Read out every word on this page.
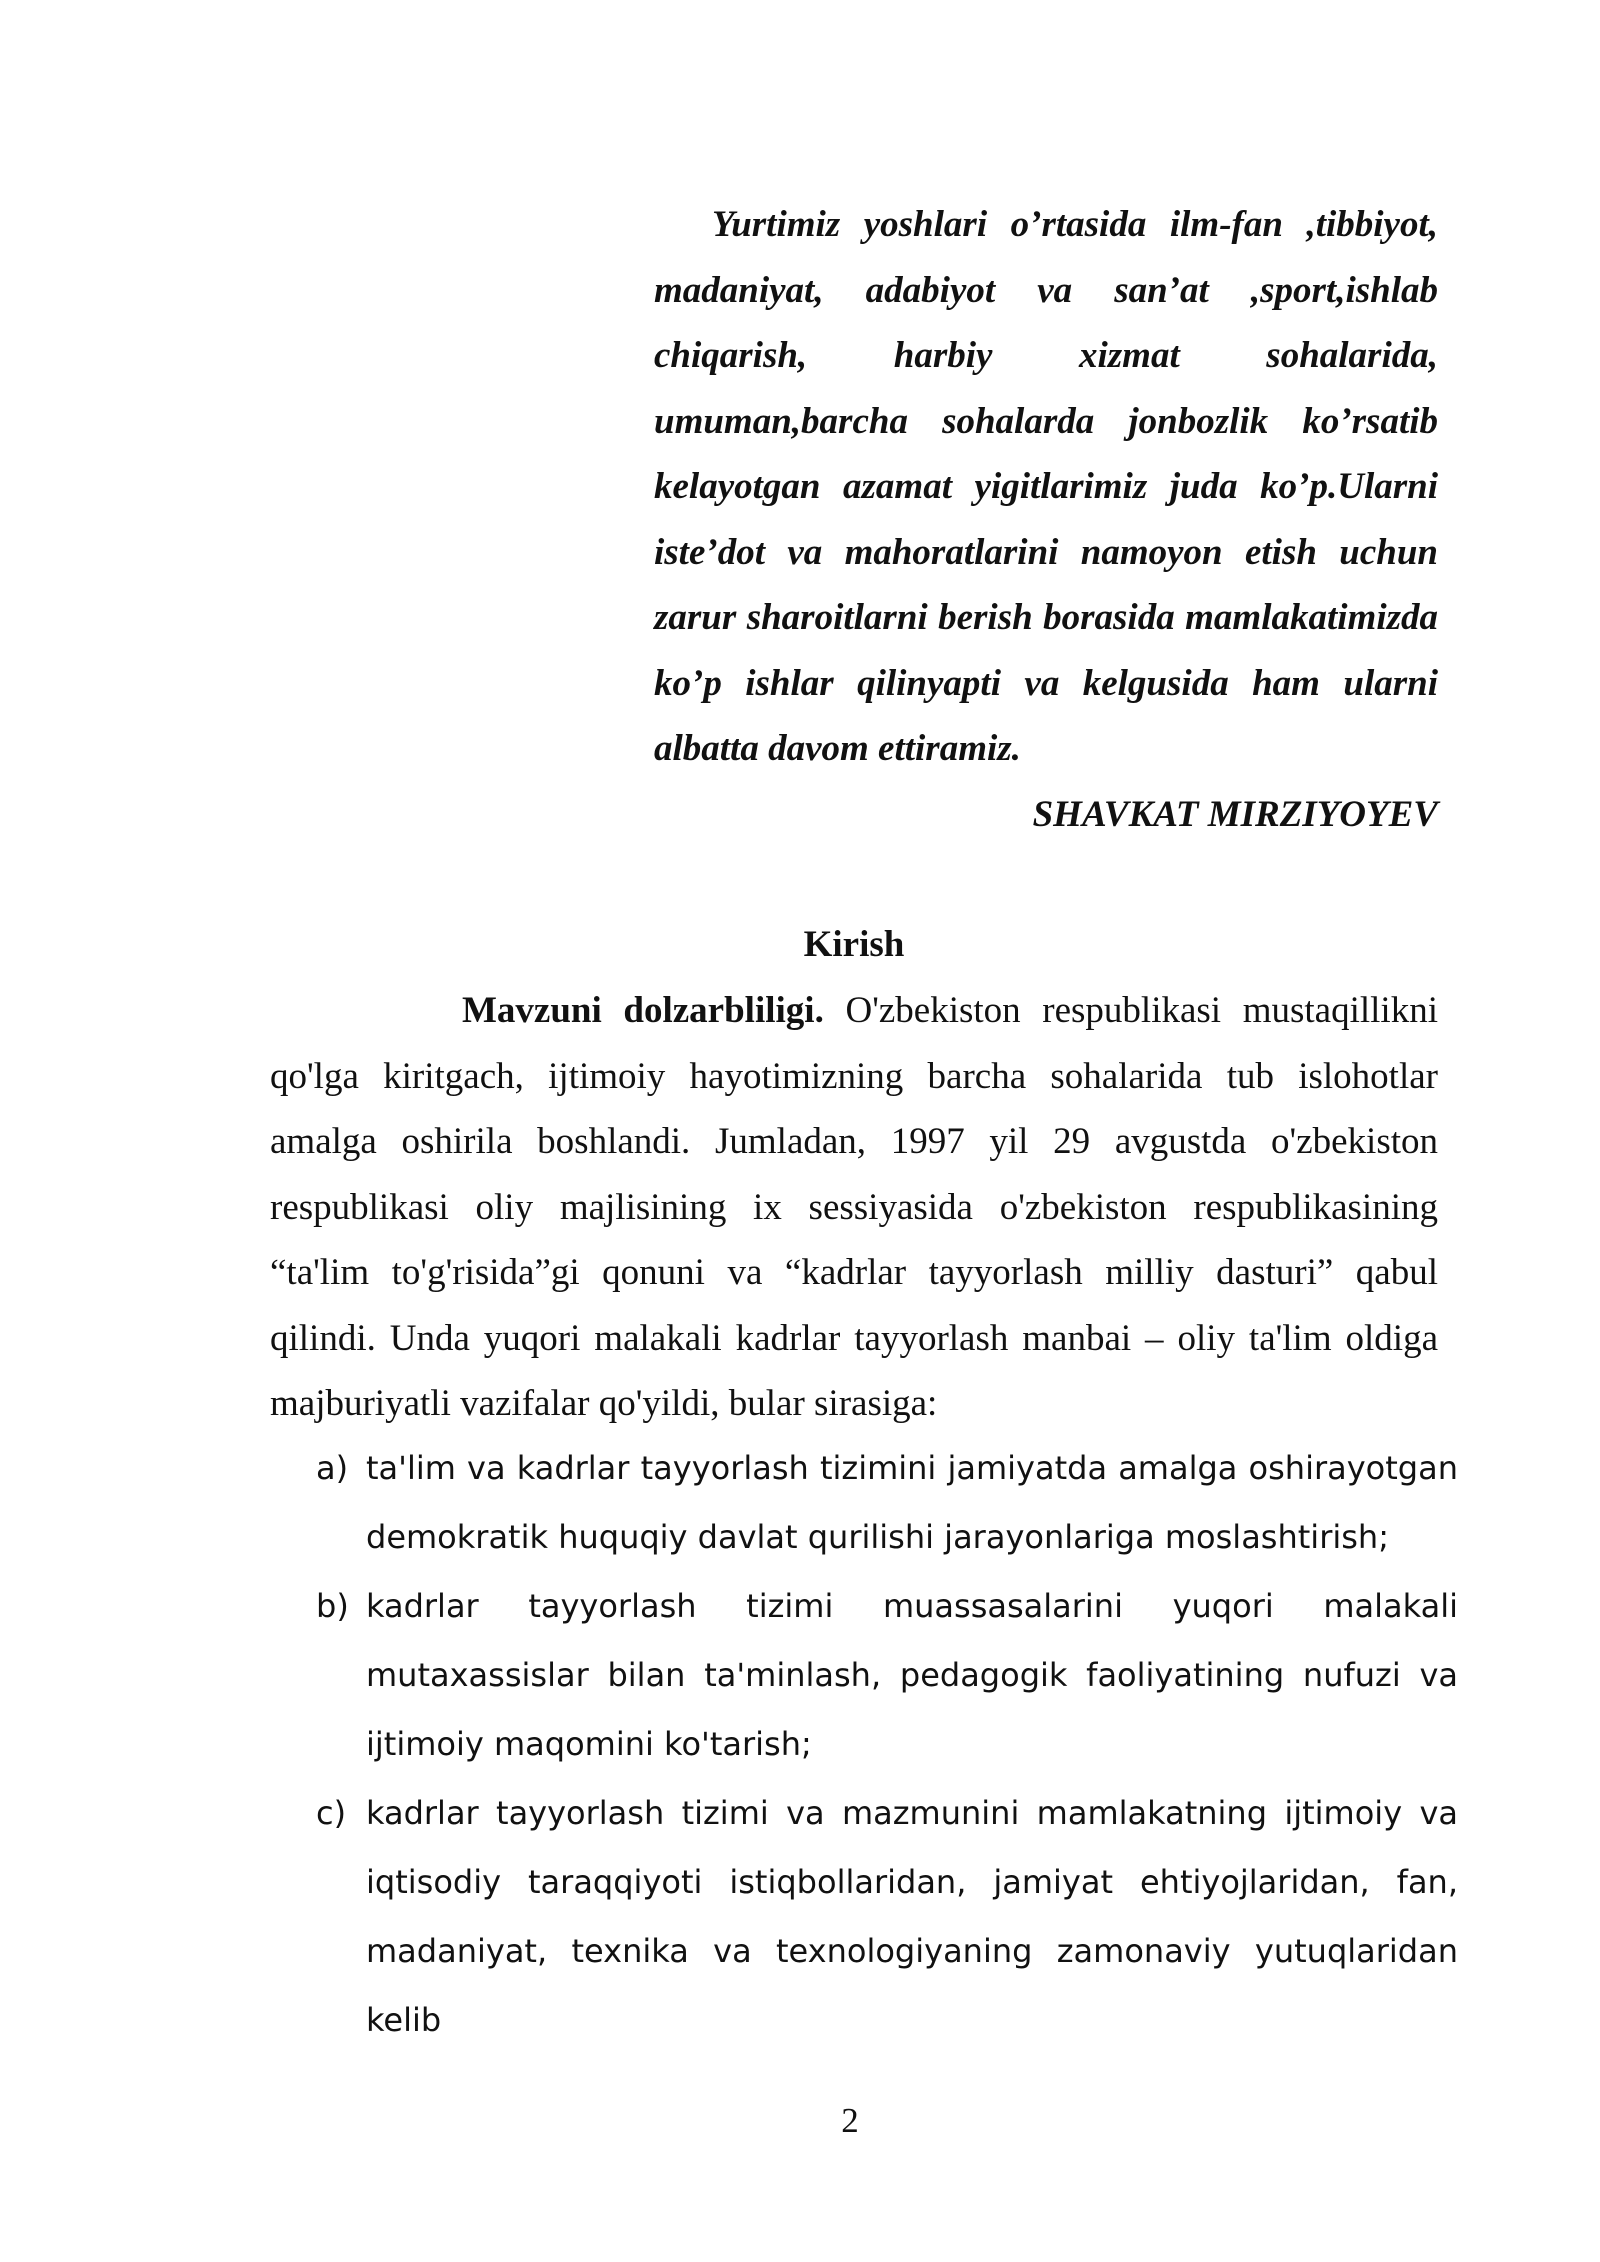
Yurtimiz yoshlari o’rtasida ilm-fan ,tibbiyot, madaniyat, adabiyot va san’at ,sport,ishlab chiqarish, harbiy xizmat sohalarida, umuman,barcha sohalarda jonbozlik ko’rsatib kelayotgan azamat yigitlarimiz juda ko’p.Ularni iste’dot va mahoratlarini namoyon etish uchun zarur sharoitlarni berish borasida mamlakatimizda ko’p ishlar qilinyapti va kelgusida ham ularni albatta davom ettiramiz.
SHAVKAT MIRZIYOYEV
Kirish
Mavzuni dolzarbliligi. O'zbekiston respublikasi mustaqillikni qo'lga kiritgach, ijtimoiy hayotimizning barcha sohalarida tub islohotlar amalga oshirila boshlandi. Jumladan, 1997 yil 29 avgustda o'zbekiston respublikasi oliy majlisining ix sessiyasida o'zbekiston respublikasining “ta'lim to'g'risida”gi qonuni va “kadrlar tayyorlash milliy dasturi” qabul qilindi. Unda yuqori malakali kadrlar tayyorlash manbai – oliy ta'lim oldiga majburiyatli vazifalar qo'yildi, bular sirasiga:
a) ta'lim va kadrlar tayyorlash tizimini jamiyatda amalga oshirayotgan demokratik huquqiy davlat qurilishi jarayonlariga moslashtirish;
b) kadrlar tayyorlash tizimi muassasalarini yuqori malakali mutaxassislar bilan ta'minlash, pedagogik faoliyatining nufuzi va ijtimoiy maqomini ko'tarish;
c) kadrlar tayyorlash tizimi va mazmunini mamlakatning ijtimoiy va iqtisodiy taraqqiyoti istiqbollaridan, jamiyat ehtiyojlaridan, fan, madaniyat, texnika va texnologiyaning zamonaviy yutuqlaridan kelib
2
